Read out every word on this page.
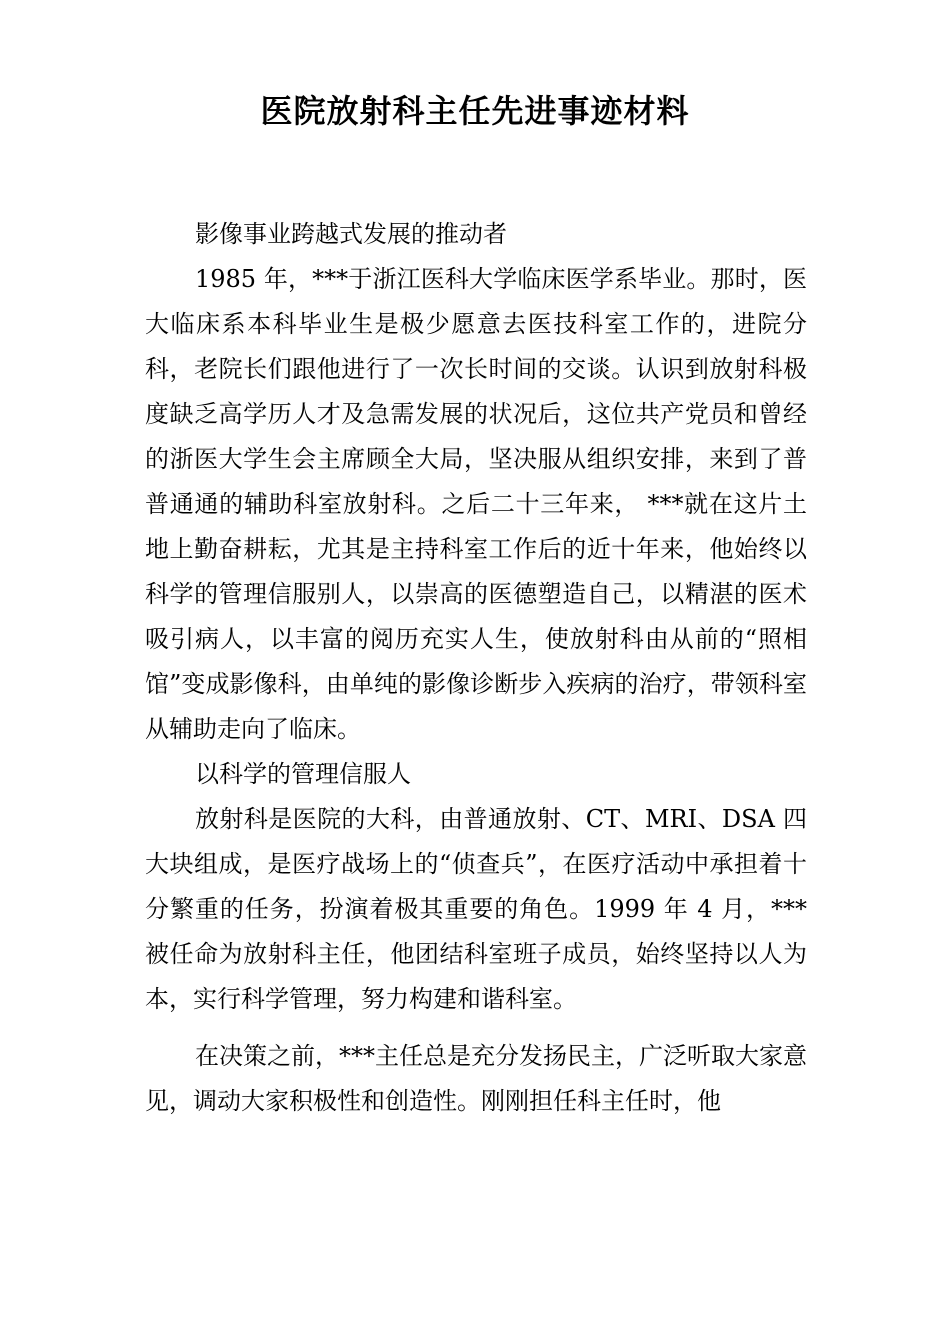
医院放射科主任先进事迹材料

影像事业跨越式发展的推动者

1985 年，***于浙江医科大学临床医学系毕业。那时，医大临床系本科毕业生是极少愿意去医技科室工作的，进院分科，老院长们跟他进行了一次长时间的交谈。认识到放射科极度缺乏高学历人才及急需发展的状况后，这位共产党员和曾经的浙医大学生会主席顾全大局，坚决服从组织安排，来到了普普通通的辅助科室放射科。之后二十三年来， ***就在这片土地上勤奋耕耘，尤其是主持科室工作后的近十年来，他始终以科学的管理信服别人，以崇高的医德塑造自己，以精湛的医术吸引病人，以丰富的阅历充实人生，使放射科由从前的“照相馆”变成影像科，由单纯的影像诊断步入疾病的治疗，带领科室从辅助走向了临床。

以科学的管理信服人

放射科是医院的大科，由普通放射、CT、MRI、DSA 四大块组成，是医疗战场上的“侦查兵”，在医疗活动中承担着十分繁重的任务，扮演着极其重要的角色。1999 年 4 月，***被任命为放射科主任，他团结科室班子成员，始终坚持以人为本，实行科学管理，努力构建和谐科室。

在决策之前，***主任总是充分发扬民主，广泛听取大家意见，调动大家积极性和创造性。刚刚担任科主任时，他
